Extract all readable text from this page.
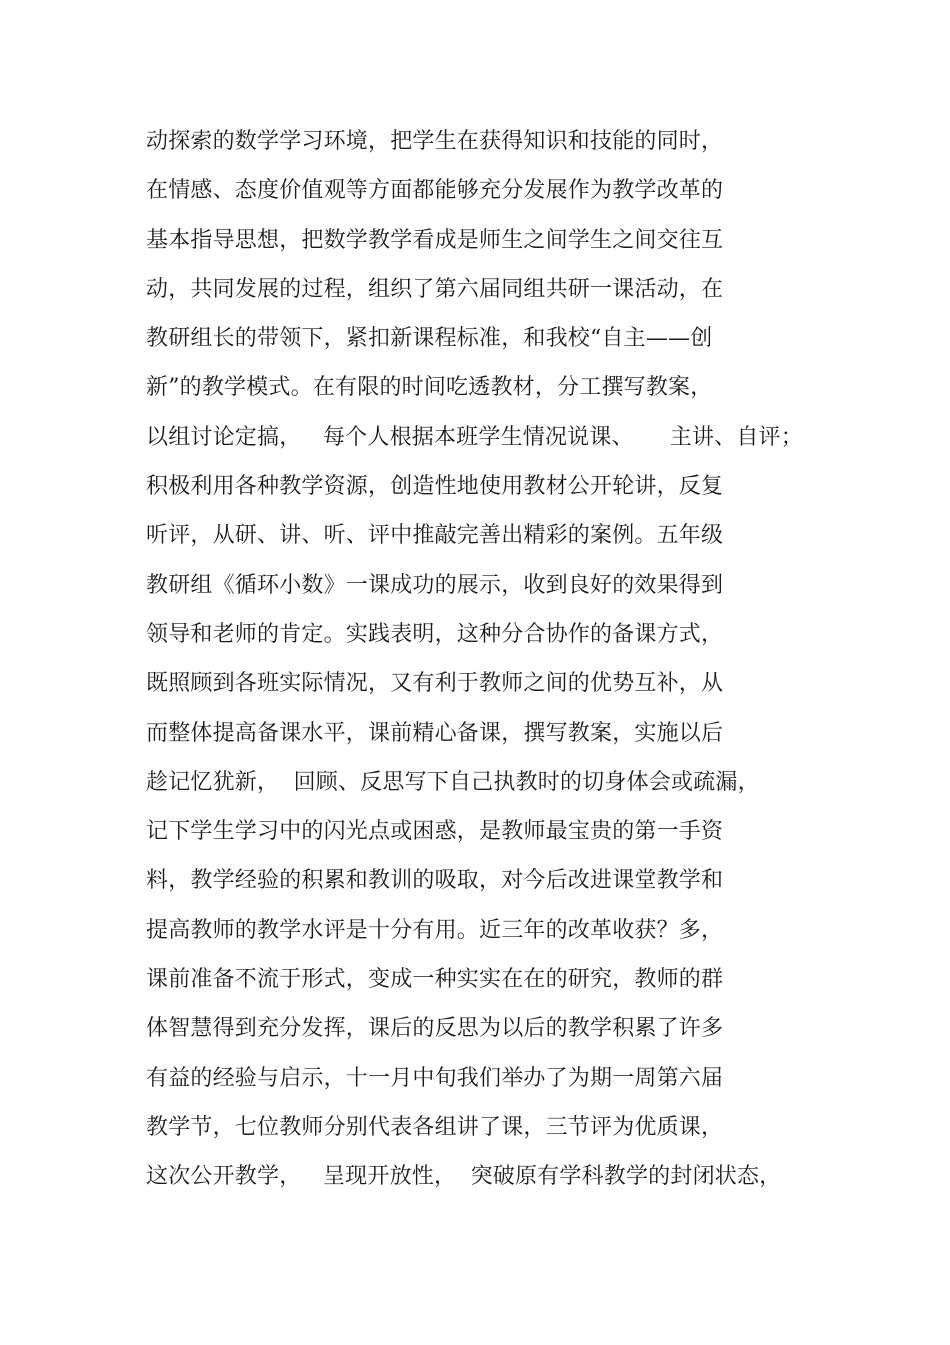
动探索的数学学习环境，把学生在获得知识和技能的同时，
在情感、态度价值观等方面都能够充分发展作为教学改革的
基本指导思想，把数学教学看成是师生之间学生之间交往互
动，共同发展的过程，组织了第六届同组共研一课活动，在
教研组长的带领下，紧扣新课程标准，和我校“自主——创
新”的教学模式。在有限的时间吃透教材，分工撰写教案，
以组讨论定搞，   每个人根据本班学生情况说课、     主讲、自评；
积极利用各种教学资源，创造性地使用教材公开轮讲，反复
听评，从研、讲、听、评中推敲完善出精彩的案例。五年级
教研组《循环小数》一课成功的展示，收到良好的效果得到
领导和老师的肯定。实践表明，这种分合协作的备课方式，
既照顾到各班实际情况，又有利于教师之间的优势互补，从
而整体提高备课水平，课前精心备课，撰写教案，实施以后
趁记忆犹新，  回顾、反思写下自己执教时的切身体会或疏漏，
记下学生学习中的闪光点或困惑，是教师最宝贵的第一手资
料，教学经验的积累和教训的吸取，对今后改进课堂教学和
提高教师的教学水评是十分有用。近三年的改革收获？多，
课前准备不流于形式，变成一种实实在在的研究，教师的群
体智慧得到充分发挥，课后的反思为以后的教学积累了许多
有益的经验与启示，十一月中旬我们举办了为期一周第六届
教学节，七位教师分别代表各组讲了课，三节评为优质课，
这次公开教学，   呈现开放性，  突破原有学科教学的封闭状态，
